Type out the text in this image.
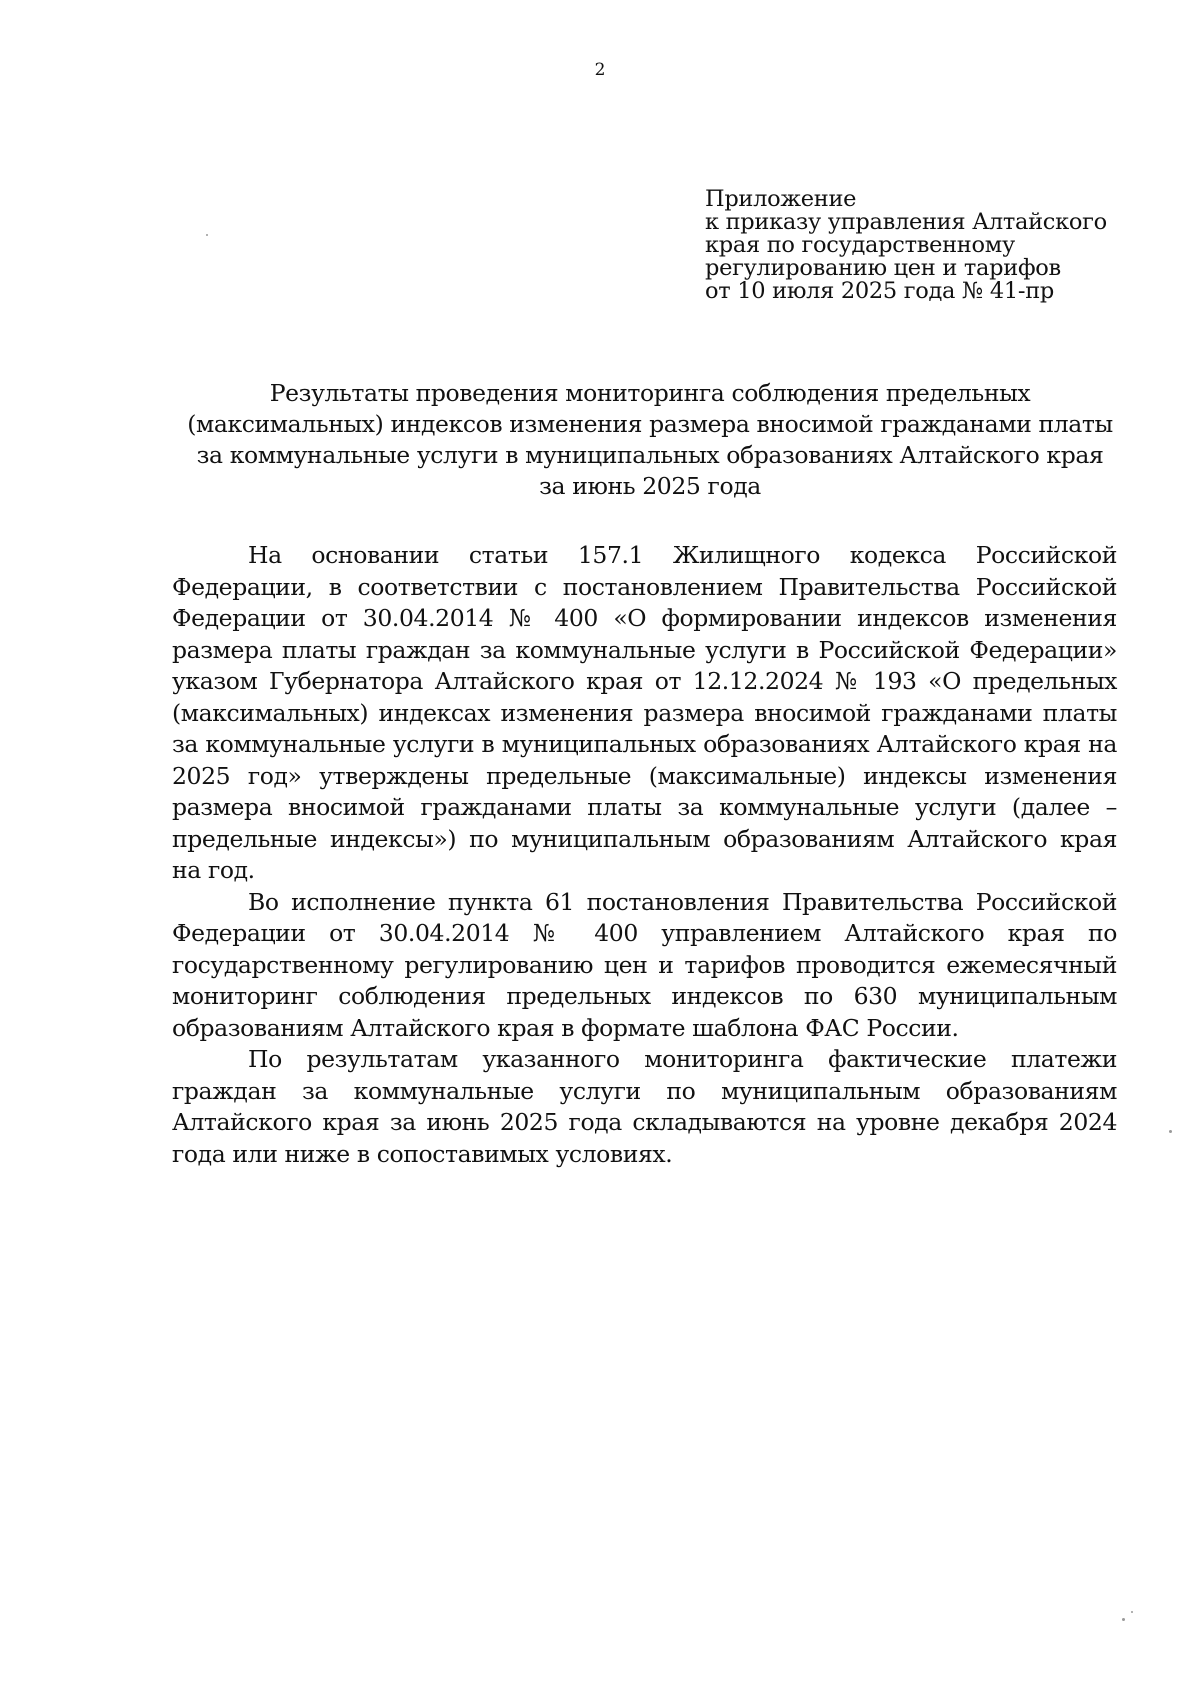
2
Приложение
к приказу управления Алтайского
края по государственному
регулированию цен и тарифов
от 10 июля 2025 года № 41-пр
Результаты проведения мониторинга соблюдения предельных
(максимальных) индексов изменения размера вносимой гражданами платы
за коммунальные услуги в муниципальных образованиях Алтайского края
за июнь 2025 года

На основании статьи 157.1 Жилищного кодекса Российской Федерации, в соответствии с постановлением Правительства Российской Федерации от 30.04.2014 № 400 «О формировании индексов изменения размера платы граждан за коммунальные услуги в Российской Федерации» указом Губернатора Алтайского края от 12.12.2024 № 193 «О предельных (максимальных) индексах изменения размера вносимой гражданами платы за коммунальные услуги в муниципальных образованиях Алтайского края на 2025 год» утверждены предельные (максимальные) индексы изменения размера вносимой гражданами платы за коммунальные услуги (далее – предельные индексы») по муниципальным образованиям Алтайского края на год.

Во исполнение пункта 61 постановления Правительства Российской Федерации от 30.04.2014 № 400 управлением Алтайского края по государственному регулированию цен и тарифов проводится ежемесячный мониторинг соблюдения предельных индексов по 630 муниципальным образованиям Алтайского края в формате шаблона ФАС России.

По результатам указанного мониторинга фактические платежи граждан за коммунальные услуги по муниципальным образованиям Алтайского края за июнь 2025 года складываются на уровне декабря 2024 года или ниже в сопоставимых условиях.
